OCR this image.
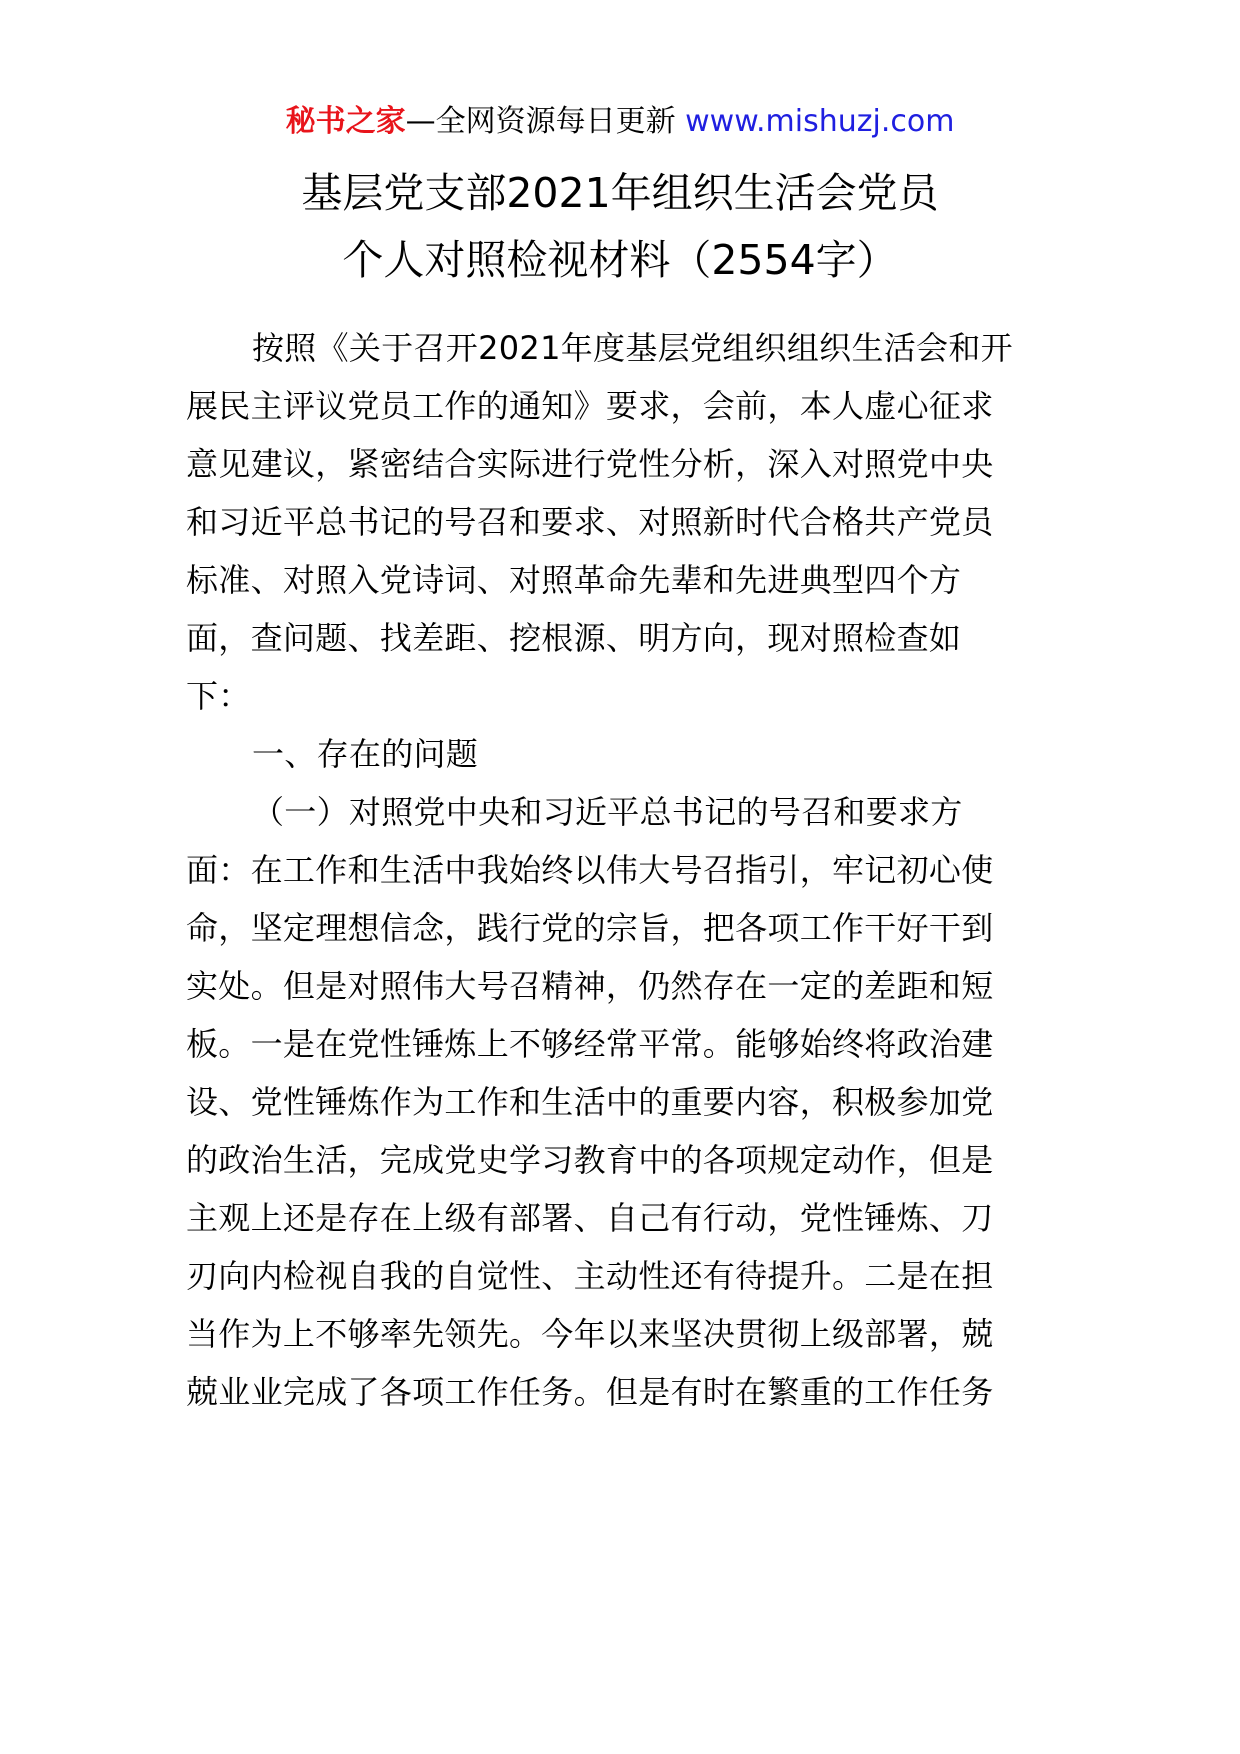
秘书之家—全网资源每日更新 www.mishuzj.com
基层党支部2021年组织生活会党员
个人对照检视材料（2554字）
按照《关于召开2021年度基层党组织组织生活会和开
展民主评议党员工作的通知》要求，会前，本人虚心征求
意见建议，紧密结合实际进行党性分析，深入对照党中央
和习近平总书记的号召和要求、对照新时代合格共产党员
标准、对照入党诗词、对照革命先辈和先进典型四个方
面，查问题、找差距、挖根源、明方向，现对照检查如
下：
一、存在的问题
（一）对照党中央和习近平总书记的号召和要求方
面：在工作和生活中我始终以伟大号召指引，牢记初心使
命，坚定理想信念，践行党的宗旨，把各项工作干好干到
实处。但是对照伟大号召精神，仍然存在一定的差距和短
板。一是在党性锤炼上不够经常平常。能够始终将政治建
设、党性锤炼作为工作和生活中的重要内容，积极参加党
的政治生活，完成党史学习教育中的各项规定动作，但是
主观上还是存在上级有部署、自己有行动，党性锤炼、刀
刃向内检视自我的自觉性、主动性还有待提升。二是在担
当作为上不够率先领先。今年以来坚决贯彻上级部署，兢
兢业业完成了各项工作任务。但是有时在繁重的工作任务
